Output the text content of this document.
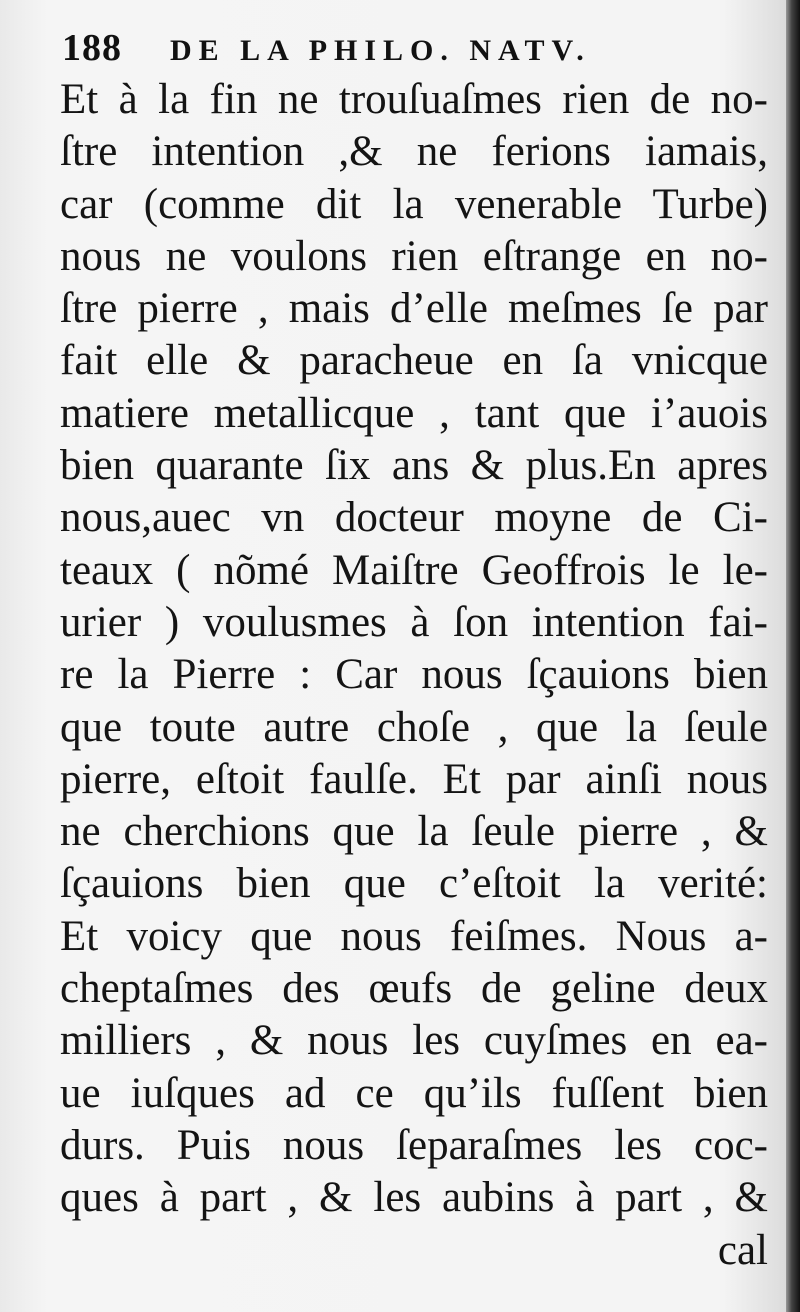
188 DE LA PHILO. NATV.
Et à la fin ne trouſuaſmes rien de no-
ſtre intention ,& ne ferions iamais,
car (comme dit la venerable Turbe)
nous ne voulons rien eſtrange en no-
ſtre pierre , mais d’elle meſmes ſe par
fait elle & paracheue en ſa vnicque
matiere metallicque , tant que i’auois
bien quarante ſix ans & plus.En apres
nous,auec vn docteur moyne de Ci-
teaux ( nõmé Maiſtre Geoffrois le le-
urier ) voulusmes à ſon intention fai-
re la Pierre : Car nous ſçauions bien
que toute autre choſe , que la ſeule
pierre, eſtoit faulſe. Et par ainſi nous
ne cherchions que la ſeule pierre , &
ſçauions bien que c’eſtoit la verité:
Et voicy que nous feiſmes. Nous a-
cheptaſmes des œufs de geline deux
milliers , & nous les cuyſmes en ea-
ue iuſques ad ce qu’ils fuſſent bien
durs. Puis nous ſeparaſmes les coc-
ques à part , & les aubins à part , &
cal
